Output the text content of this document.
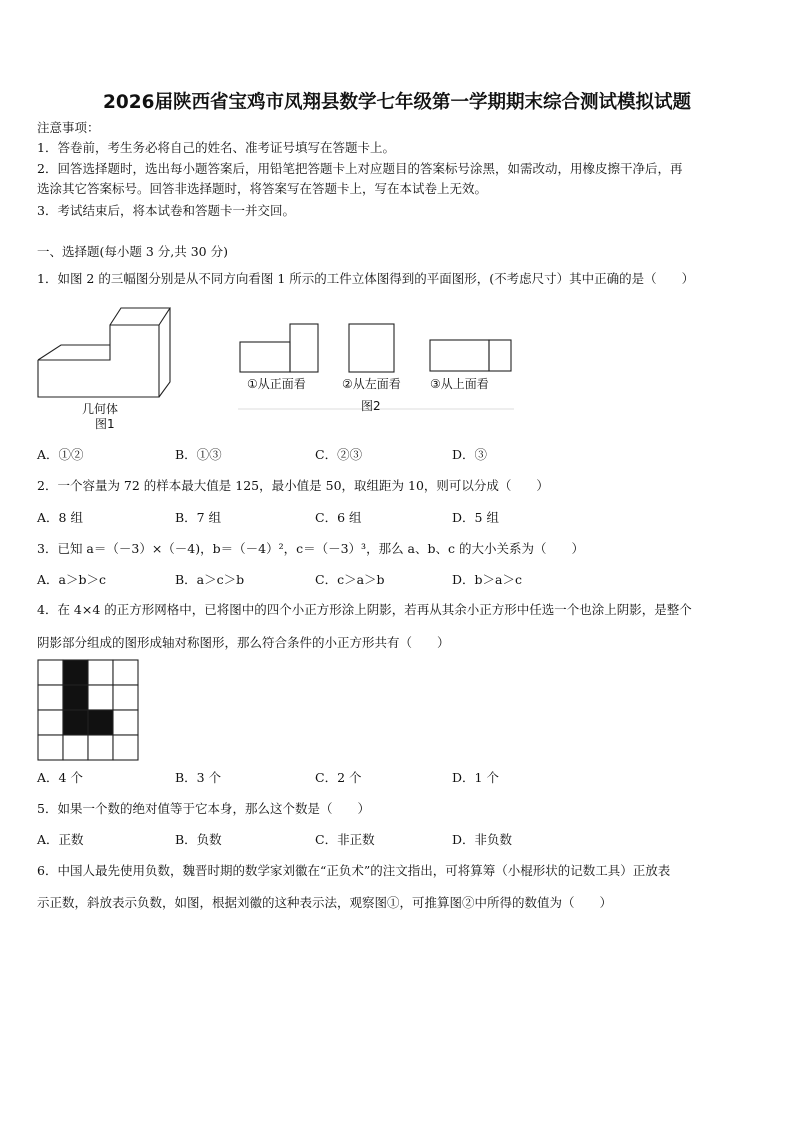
2026届陕西省宝鸡市凤翔县数学七年级第一学期期末综合测试模拟试题
注意事项：
1．答卷前，考生务必将自己的姓名、准考证号填写在答题卡上。
2．回答选择题时，选出每小题答案后，用铅笔把答题卡上对应题目的答案标号涂黑，如需改动，用橡皮擦干净后，再
选涂其它答案标号。回答非选择题时，将答案写在答题卡上，写在本试卷上无效。
3．考试结束后，将本试卷和答题卡一并交回。
一、选择题(每小题 3 分,共 30 分)
1．如图 2 的三幅图分别是从不同方向看图 1 所示的工件立体图得到的平面图形，(不考虑尺寸）其中正确的是（　　）
几何体
图1
①从正面看	②从左面看 ③从上面看
图2
A．①②	B．①③	C．②③	D．③
2．一个容量为 72 的样本最大值是 125，最小值是 50，取组距为 10，则可以分成（　　）
A．8 组	B．7 组	C．6 组	D．5 组
3．已知 a＝（－3）×（－4)，b＝（－4）²，c＝（－3）³，那么 a、b、c 的大小关系为（　　）
A．a＞b＞c	B．a＞c＞b	C．c＞a＞b	D．b＞a＞c
4．在 4×4 的正方形网格中，已将图中的四个小正方形涂上阴影，若再从其余小正方形中任选一个也涂上阴影，是整个
阴影部分组成的图形成轴对称图形，那么符合条件的小正方形共有（　　）
A．4 个	B．3 个	C．2 个	D．1 个
5．如果一个数的绝对值等于它本身，那么这个数是（　　）
A．正数	B．负数	C．非正数	D．非负数
6．中国人最先使用负数，魏晋时期的数学家刘徽在“正负术”的注文指出，可将算筹（小棍形状的记数工具）正放表
示正数，斜放表示负数，如图，根据刘徽的这种表示法，观察图①，可推算图②中所得的数值为（　　）
